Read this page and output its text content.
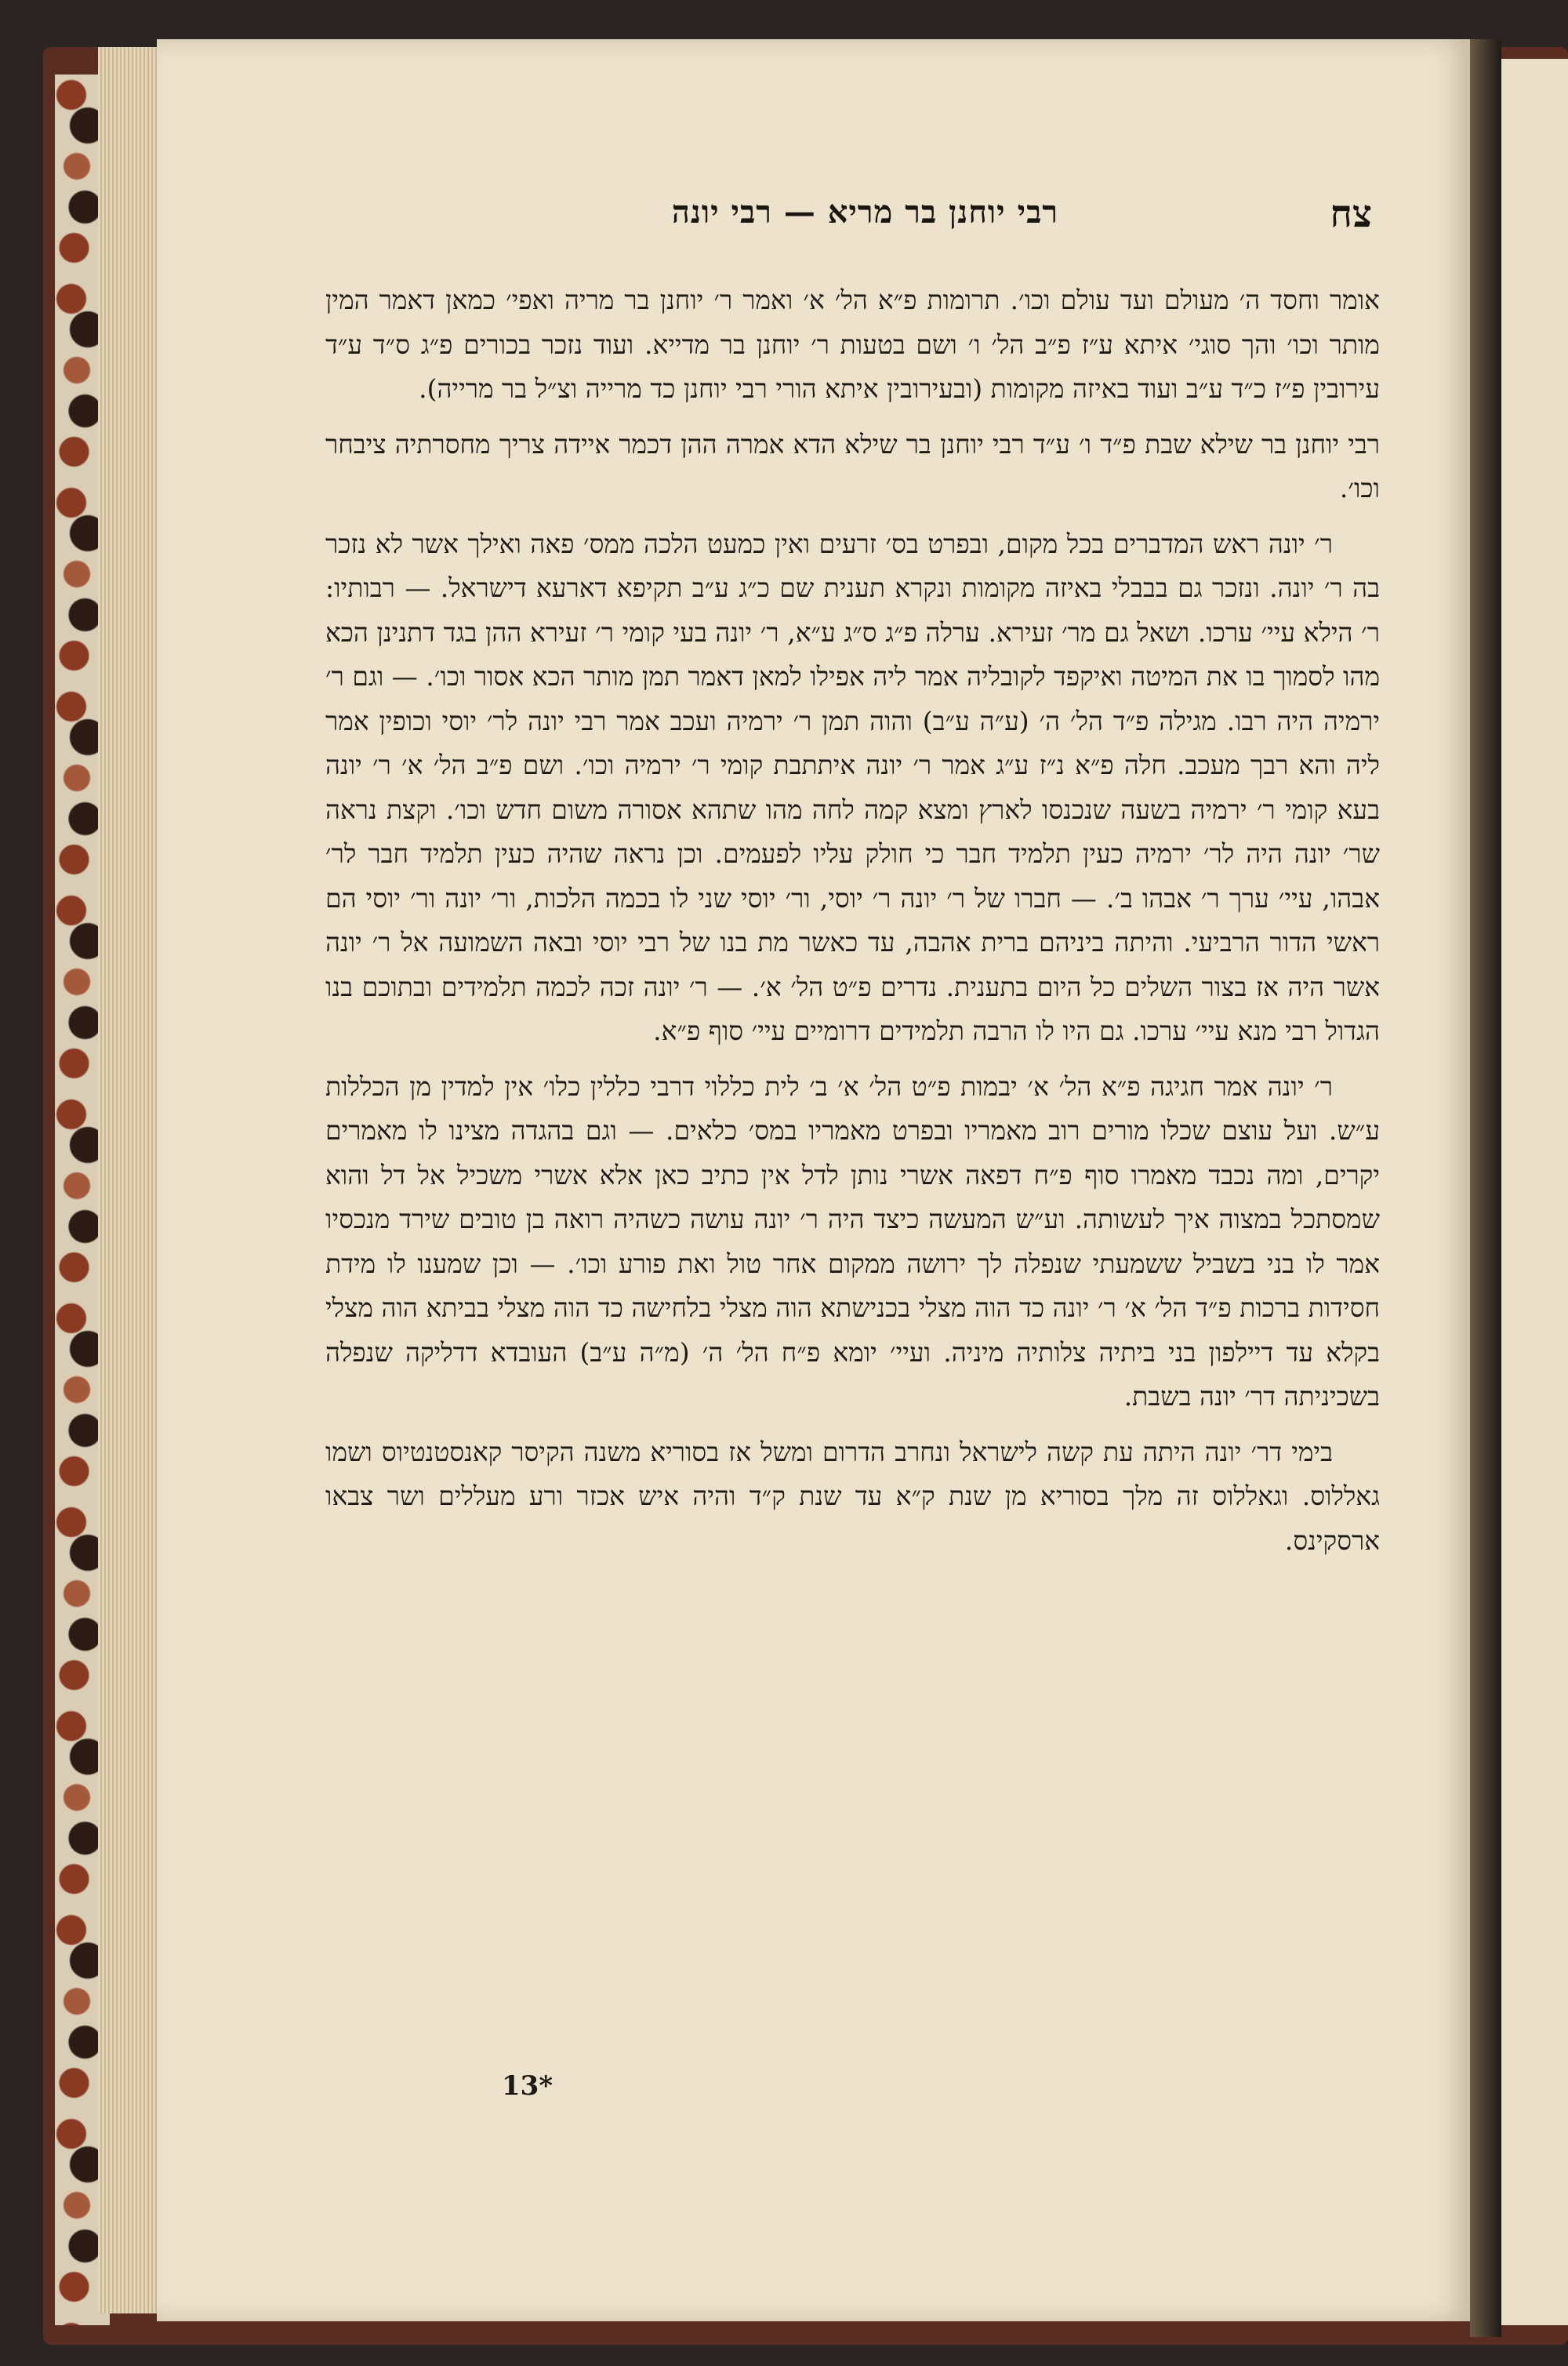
צח
רבי יוחנן בר מריא — רבי יונה

אומר וחסד ה׳ מעולם ועד עולם וכו׳. תרומות פ״א הל׳ א׳ ואמר ר׳ יוחנן בר מריה ואפי׳ כמאן דאמר המין מותר וכו׳ והך סוגי׳ איתא ע״ז פ״ב הל׳ ו׳ ושם בטעות ר׳ יוחנן בר מדייא. ועוד נזכר בכורים פ״ג ס״ד ע״ד עירובין פ״ז כ״ד ע״ב ועוד באיזה מקומות (ובעירובין איתא הורי רבי יוחנן כד מרייה וצ״ל בר מרייה).

רבי יוחנן בר שילא שבת פ״ד ו׳ ע״ד רבי יוחנן בר שילא הדא אמרה ההן דכמר איידה צריך מחסרתיה ציבחר וכו׳.

ר׳ יונה ראש המדברים בכל מקום, ובפרט בס׳ זרעים ואין כמעט הלכה ממס׳ פאה ואילך אשר לא נזכר בה ר׳ יונה. ונזכר גם בבבלי באיזה מקומות ונקרא תענית שם כ״ג ע״ב תקיפא דארעא דישראל. — רבותיו: ר׳ הילא עיי׳ ערכו. ושאל גם מר׳ זעירא. ערלה פ״ג ס״ג ע״א, ר׳ יונה בעי קומי ר׳ זעירא ההן בגד דתנינן הכא מהו לסמוך בו את המיטה ואיקפד לקובליה אמר ליה אפילו למאן דאמר תמן מותר הכא אסור וכו׳. — וגם ר׳ ירמיה היה רבו. מגילה פ״ד הל׳ ה׳ (ע״ה ע״ב) והוה תמן ר׳ ירמיה ועכב אמר רבי יונה לר׳ יוסי וכופין אמר ליה והא רבך מעכב. חלה פ״א נ״ז ע״ג אמר ר׳ יונה איתתבת קומי ר׳ ירמיה וכו׳. ושם פ״ב הל׳ א׳ ר׳ יונה בעא קומי ר׳ ירמיה בשעה שנכנסו לארץ ומצא קמה לחה מהו שתהא אסורה משום חדש וכו׳. וקצת נראה שר׳ יונה היה לר׳ ירמיה כעין תלמיד חבר כי חולק עליו לפעמים. וכן נראה שהיה כעין תלמיד חבר לר׳ אבהו, עיי׳ ערך ר׳ אבהו ב׳. — חברו של ר׳ יונה ר׳ יוסי, ור׳ יוסי שני לו בכמה הלכות, ור׳ יונה ור׳ יוסי הם ראשי הדור הרביעי. והיתה ביניהם ברית אהבה, עד כאשר מת בנו של רבי יוסי ובאה השמועה אל ר׳ יונה אשר היה אז בצור השלים כל היום בתענית. נדרים פ״ט הל׳ א׳. — ר׳ יונה זכה לכמה תלמידים ובתוכם בנו הגדול רבי מנא עיי׳ ערכו. גם היו לו הרבה תלמידים דרומיים עיי׳ סוף פ״א.

ר׳ יונה אמר חגיגה פ״א הל׳ א׳ יבמות פ״ט הל׳ א׳ ב׳ לית כללוי דרבי כללין כלו׳ אין למדין מן הכללות ע״ש. ועל עוצם שכלו מורים רוב מאמריו ובפרט מאמריו במס׳ כלאים. — וגם בהגדה מצינו לו מאמרים יקרים, ומה נכבד מאמרו סוף פ״ח דפאה אשרי נותן לדל אין כתיב כאן אלא אשרי משכיל אל דל והוא שמסתכל במצוה איך לעשותה. וע״ש המעשה כיצד היה ר׳ יונה עושה כשהיה רואה בן טובים שירד מנכסיו אמר לו בני בשביל ששמעתי שנפלה לך ירושה ממקום אחר טול ואת פורע וכו׳. — וכן שמענו לו מידת חסידות ברכות פ״ד הל׳ א׳ ר׳ יונה כד הוה מצלי בכנישתא הוה מצלי בלחישה כד הוה מצלי בביתא הוה מצלי בקלא עד דיילפון בני ביתיה צלותיה מיניה. ועיי׳ יומא פ״ח הל׳ ה׳ (מ״ה ע״ב) העובדא דדליקה שנפלה בשכיניתה דר׳ יונה בשבת.

בימי דר׳ יונה היתה עת קשה לישראל ונחרב הדרום ומשל אז בסוריא משנה הקיסר קאנסטנטיוס ושמו גאללוס. וגאללוס זה מלך בסוריא מן שנת ק״א עד שנת ק״ד והיה איש אכזר ורע מעללים ושר צבאו ארסקינס.

13*
